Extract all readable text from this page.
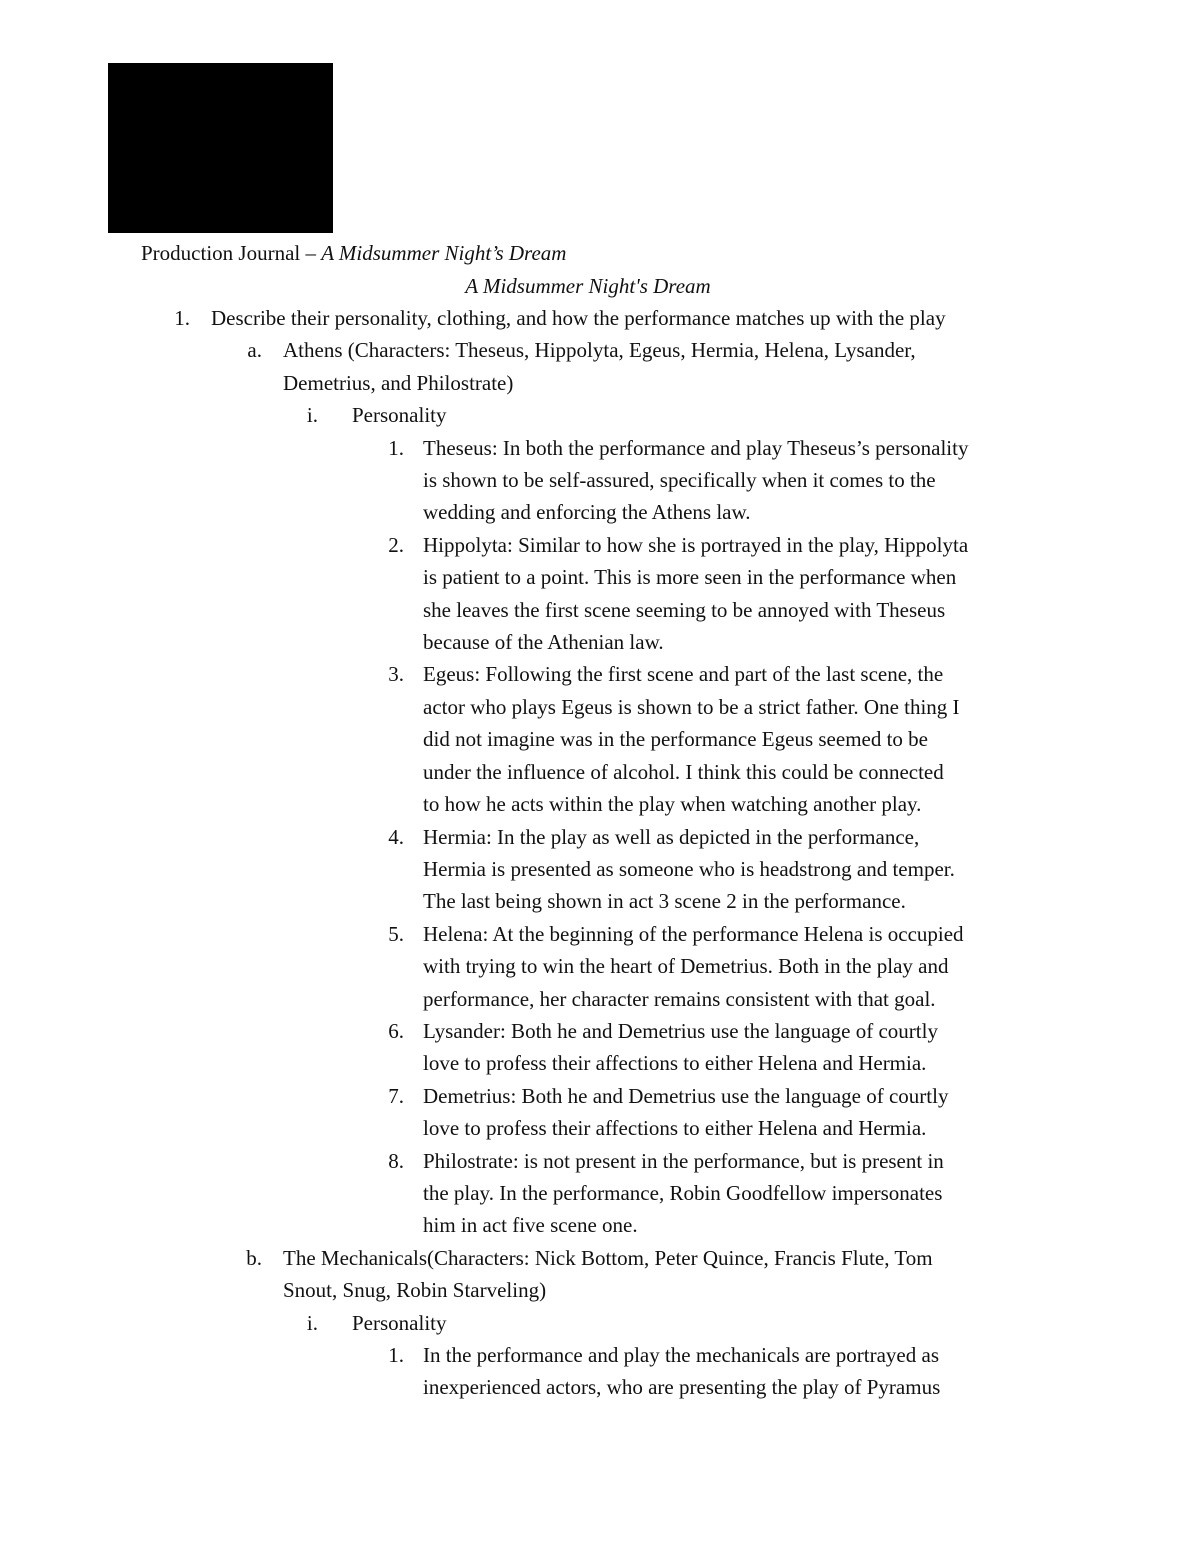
Production Journal – A Midsummer Night’s Dream
A Midsummer Night's Dream
1. Describe their personality, clothing, and how the performance matches up with the play
a. Athens (Characters: Theseus, Hippolyta, Egeus, Hermia, Helena, Lysander,
Demetrius, and Philostrate)
i. Personality
1. Theseus: In both the performance and play Theseus’s personality
is shown to be self-assured, specifically when it comes to the
wedding and enforcing the Athens law.
2. Hippolyta: Similar to how she is portrayed in the play, Hippolyta
is patient to a point. This is more seen in the performance when
she leaves the first scene seeming to be annoyed with Theseus
because of the Athenian law.
3. Egeus: Following the first scene and part of the last scene, the
actor who plays Egeus is shown to be a strict father. One thing I
did not imagine was in the performance Egeus seemed to be
under the influence of alcohol. I think this could be connected
to how he acts within the play when watching another play.
4. Hermia: In the play as well as depicted in the performance,
Hermia is presented as someone who is headstrong and temper.
The last being shown in act 3 scene 2 in the performance.
5. Helena: At the beginning of the performance Helena is occupied
with trying to win the heart of Demetrius. Both in the play and
performance, her character remains consistent with that goal.
6. Lysander: Both he and Demetrius use the language of courtly
love to profess their affections to either Helena and Hermia.
7. Demetrius: Both he and Demetrius use the language of courtly
love to profess their affections to either Helena and Hermia.
8. Philostrate: is not present in the performance, but is present in
the play. In the performance, Robin Goodfellow impersonates
him in act five scene one.
b. The Mechanicals(Characters: Nick Bottom, Peter Quince, Francis Flute, Tom
Snout, Snug, Robin Starveling)
i. Personality
1. In the performance and play the mechanicals are portrayed as
inexperienced actors, who are presenting the play of Pyramus
